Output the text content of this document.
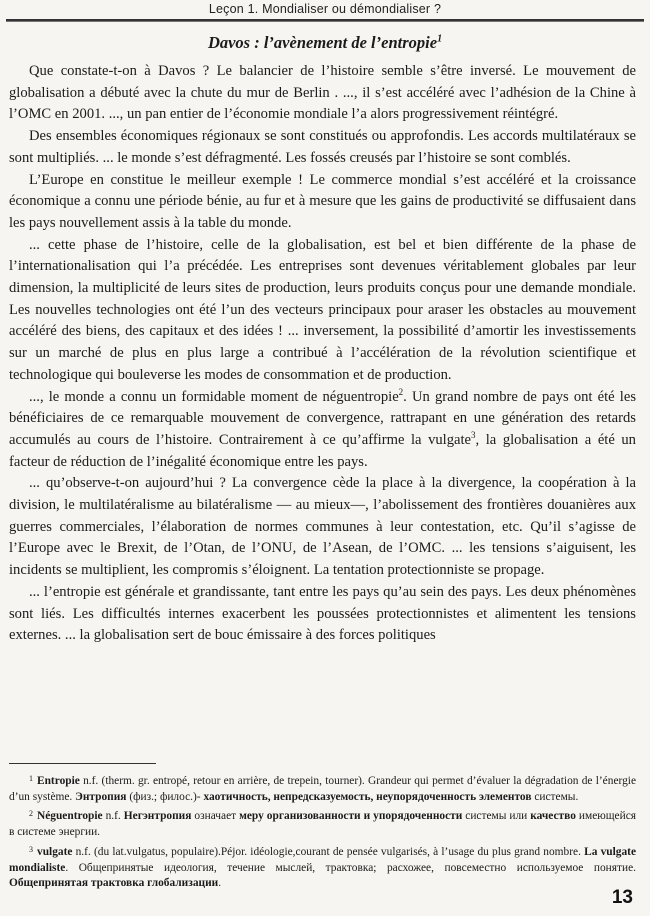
Leçon 1. Mondialiser ou démondialiser ?
Davos : l’avènement de l’entropie$^1$

Que constate-t-on à Davos ? Le balancier de l’histoire semble s’être inversé. Le mouvement de globalisation a débuté avec la chute du mur de Berlin . ..., il s’est accéléré avec l’adhésion de la Chine à l’OMC en 2001. ..., un pan entier de l’économie mondiale l’a alors progressivement réintégré.

Des ensembles économiques régionaux se sont constitués ou approfondis. Les accords multilatéraux se sont multipliés. ... le monde s’est défragmenté. Les fossés creusés par l’histoire se sont comblés.

L’Europe en constitue le meilleur exemple ! Le commerce mondial s’est accéléré et la croissance économique a connu une période bénie, au fur et à mesure que les gains de productivité se diffusaient dans les pays nouvellement assis à la table du monde.

... cette phase de l’histoire, celle de la globalisation, est bel et bien différente de la phase de l’internationalisation qui l’a précédée. Les entreprises sont devenues véritablement globales par leur dimension, la multiplicité de leurs sites de production, leurs produits conçus pour une demande mondiale. Les nouvelles technologies ont été l’un des vecteurs principaux pour araser les obstacles au mouvement accéléré des biens, des capitaux et des idées ! ... inversement, la possibilité d’amortir les investissements sur un marché de plus en plus large a contribué à l’accélération de la révolution scientifique et technologique qui bouleverse les modes de consommation et de production.

..., le monde a connu un formidable moment de néguentropie$^2$. Un grand nombre de pays ont été les bénéficiaires de ce remarquable mouvement de convergence, rattrapant en une génération des retards accumulés au cours de l’histoire. Contrairement à ce qu’affirme la vulgate$^3$, la globalisation a été un facteur de réduction de l’inégalité économique entre les pays.

... qu’observe-t-on aujourd’hui ? La convergence cède la place à la divergence, la coopération à la division, le multilatéralisme au bilatéralisme — au mieux—, l’abolissement des frontières douanières aux guerres commerciales, l’élaboration de normes communes à leur contestation, etc. Qu’il s’agisse de l’Europe avec le Brexit, de l’Otan, de l’ONU, de l’Asean, de l’OMC. ... les tensions s’aiguisent, les incidents se multiplient, les compromis s’éloignent. La tentation protectionniste se propage.

... l’entropie est générale et grandissante, tant entre les pays qu’au sein des pays. Les deux phénomènes sont liés. Les difficultés internes exacerbent les poussées protectionnistes et alimentent les tensions externes. ... la globalisation sert de bouc émissaire à des forces politiques

$^1$ Entropie n.f. (therm. gr. entropé, retour en arrière, de trepein, tourner). Grandeur qui permet d’évaluer la dégradation de l’énergie d’un système. Энтропия (физ.; филос.)- хаотичность, непредсказуемость, неупорядоченность элементов системы.

$^2$ Néguentropie n.f. Негэнтропия означает меру организованности и упорядоченности системы или качество имеющейся в системе энергии.

$^3$ vulgate n.f. (du lat.vulgatus, populaire).Péjor. idéologie,courant de pensée vulgarisés, à l’usage du plus grand nombre. La vulgate mondialiste. Общепринятые идеология, течение мыслей, трактовка; расхожее, повсеместно используемое понятие. Общепринятая трактовка глобализации.

13
